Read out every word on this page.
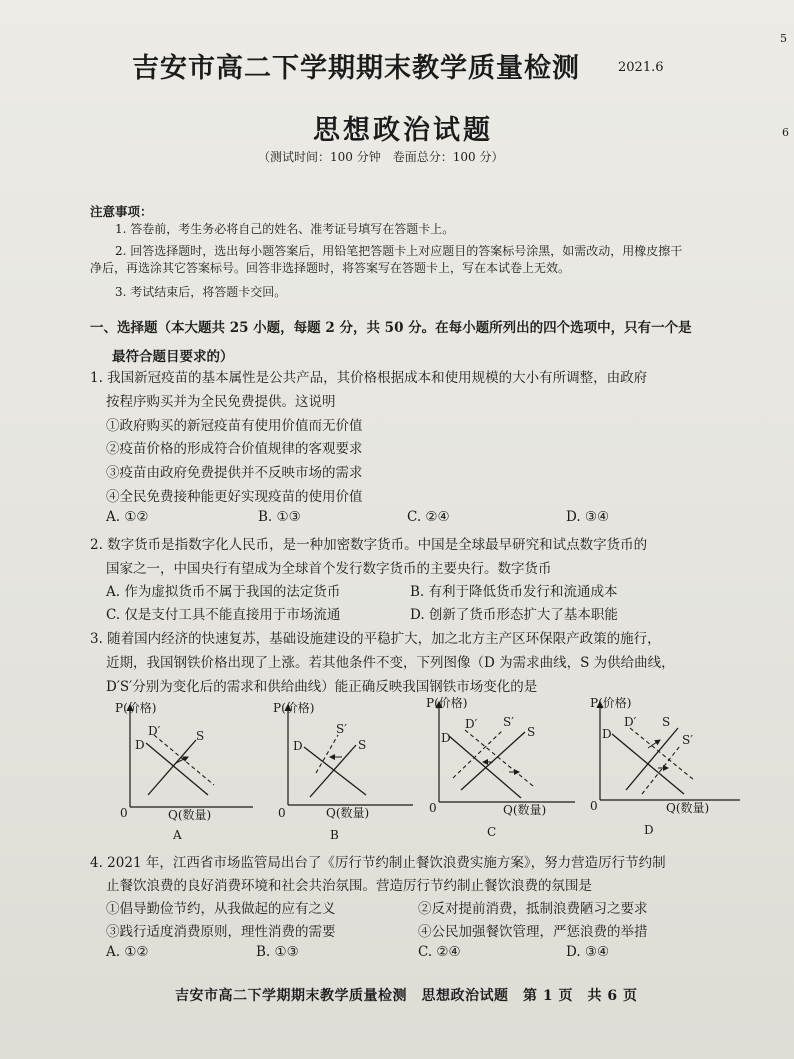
5
6
吉安市高二下学期期末教学质量检测	2021.6
思想政治试题
（测试时间：100 分钟　卷面总分：100 分）
注意事项：
1. 答卷前，考生务必将自己的姓名、准考证号填写在答题卡上。
2. 回答选择题时，选出每小题答案后，用铅笔把答题卡上对应题目的答案标号涂黑，如需改动，用橡皮擦干
净后，再选涂其它答案标号。回答非选择题时，将答案写在答题卡上，写在本试卷上无效。
3. 考试结束后，将答题卡交回。
一、选择题（本大题共 25 小题，每题 2 分，共 50 分。在每小题所列出的四个选项中，只有一个是
最符合题目要求的）
1. 我国新冠疫苗的基本属性是公共产品，其价格根据成本和使用规模的大小有所调整，由政府
按程序购买并为全民免费提供。这说明
①政府购买的新冠疫苗有使用价值而无价值
②疫苗价格的形成符合价值规律的客观要求
③疫苗由政府免费提供并不反映市场的需求
④全民免费接种能更好实现疫苗的使用价值
A. ①②	B. ①③	C. ②④	D. ③④
2. 数字货币是指数字化人民币，是一种加密数字货币。中国是全球最早研究和试点数字货币的
国家之一，中国央行有望成为全球首个发行数字货币的主要央行。数字货币
A. 作为虚拟货币不属于我国的法定货币	B. 有利于降低货币发行和流通成本
C. 仅是支付工具不能直接用于市场流通	D. 创新了货币形态扩大了基本职能
3. 随着国内经济的快速复苏，基础设施建设的平稳扩大，加之北方主产区环保限产政策的施行，
近期，我国钢铁价格出现了上涨。若其他条件不变，下列图像（D 为需求曲线，S 为供给曲线，
D′S′分别为变化后的需求和供给曲线）能正确反映我国钢铁市场变化的是
P(价格)
0
D
D′	S
Q(数量)
A
P(价格)
0
D
S′
S
Q(数量)
B
P(价格)
0
D
D′ S′
S
Q(数量)
C
P(价格)
0
D
D′ S
S′
Q(数量)
D
4. 2021 年，江西省市场监管局出台了《厉行节约制止餐饮浪费实施方案》，努力营造厉行节约制
止餐饮浪费的良好消费环境和社会共治氛围。营造厉行节约制止餐饮浪费的氛围是
①倡导勤俭节约，从我做起的应有之义	②反对提前消费，抵制浪费陋习之要求
③践行适度消费原则，理性消费的需要	④公民加强餐饮管理，严惩浪费的举措
A. ①②	B. ①③	C. ②④	D. ③④
吉安市高二下学期期末教学质量检测　思想政治试题　第 1 页　共 6 页
